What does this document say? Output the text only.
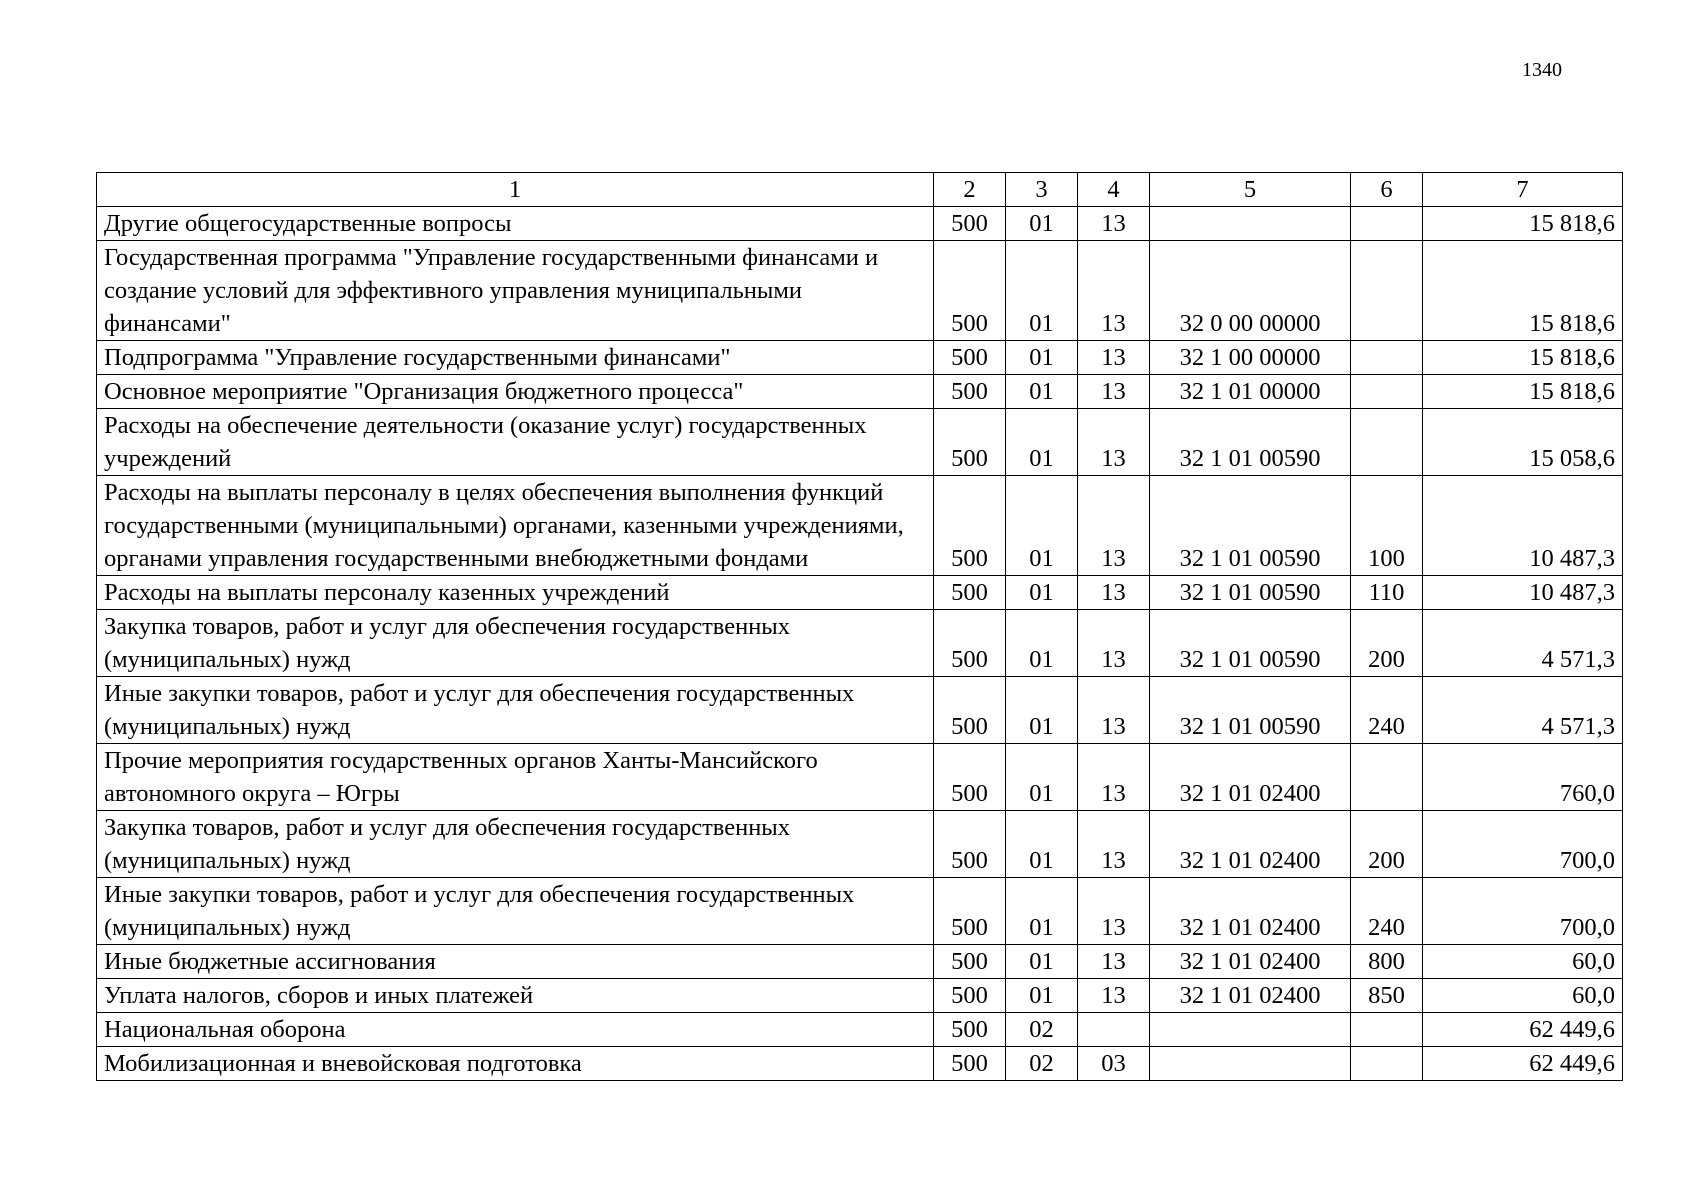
1340
1	2	3	4	5	6	7
Другие общегосударственные вопросы	500	01	13			15 818,6
Государственная программа "Управление государственными финансами и создание условий для эффективного управления муниципальными финансами"	500	01	13	32 0 00 00000		15 818,6
Подпрограмма "Управление государственными финансами"	500	01	13	32 1 00 00000		15 818,6
Основное мероприятие "Организация бюджетного процесса"	500	01	13	32 1 01 00000		15 818,6
Расходы на обеспечение деятельности (оказание услуг) государственных учреждений	500	01	13	32 1 01 00590		15 058,6
Расходы на выплаты персоналу в целях обеспечения выполнения функций государственными (муниципальными) органами, казенными учреждениями, органами управления государственными внебюджетными фондами	500	01	13	32 1 01 00590	100	10 487,3
Расходы на выплаты персоналу казенных учреждений	500	01	13	32 1 01 00590	110	10 487,3
Закупка товаров, работ и услуг для обеспечения государственных (муниципальных) нужд	500	01	13	32 1 01 00590	200	4 571,3
Иные закупки товаров, работ и услуг для обеспечения государственных (муниципальных) нужд	500	01	13	32 1 01 00590	240	4 571,3
Прочие мероприятия государственных органов Ханты-Мансийского автономного округа – Югры	500	01	13	32 1 01 02400		760,0
Закупка товаров, работ и услуг для обеспечения государственных (муниципальных) нужд	500	01	13	32 1 01 02400	200	700,0
Иные закупки товаров, работ и услуг для обеспечения государственных (муниципальных) нужд	500	01	13	32 1 01 02400	240	700,0
Иные бюджетные ассигнования	500	01	13	32 1 01 02400	800	60,0
Уплата налогов, сборов и иных платежей	500	01	13	32 1 01 02400	850	60,0
Национальная оборона	500	02				62 449,6
Мобилизационная и вневойсковая подготовка	500	02	03			62 449,6
